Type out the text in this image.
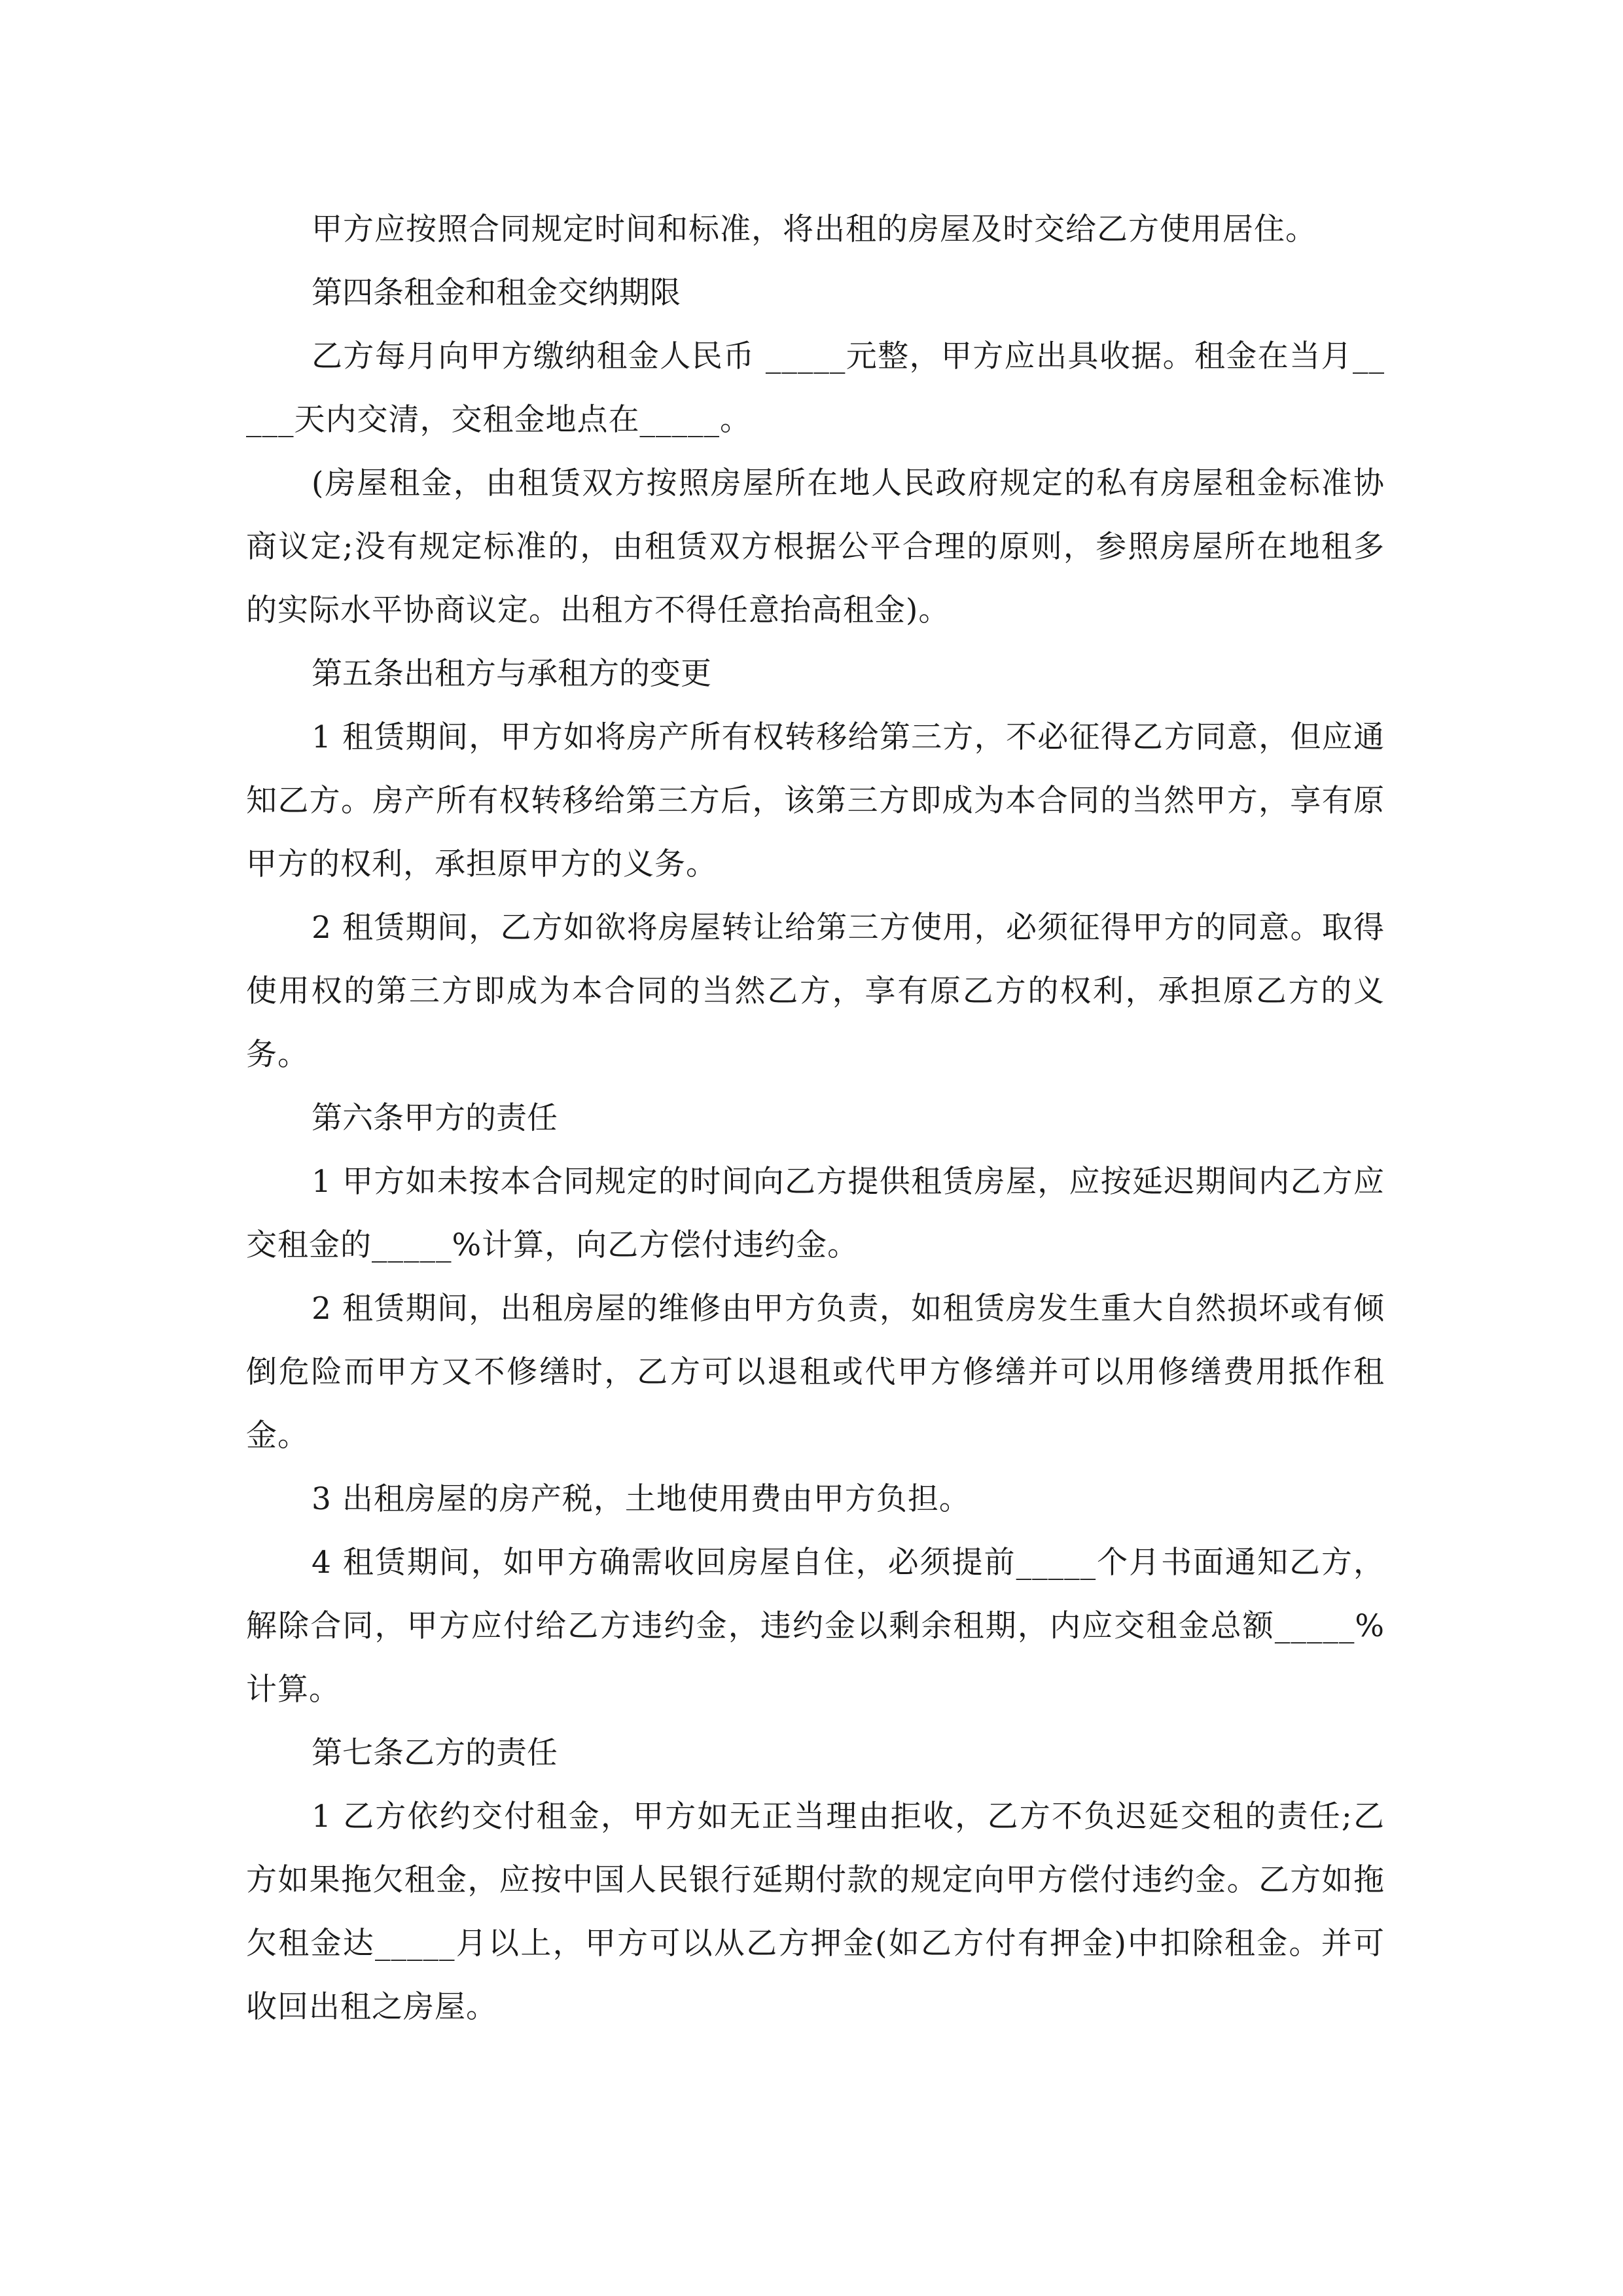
甲方应按照合同规定时间和标准，将出租的房屋及时交给乙方使用居住。

第四条租金和租金交纳期限

乙方每月向甲方缴纳租金人民币 _____元整，甲方应出具收据。租金在当月_____天内交清，交租金地点在_____。

(房屋租金，由租赁双方按照房屋所在地人民政府规定的私有房屋租金标准协商议定;没有规定标准的，由租赁双方根据公平合理的原则，参照房屋所在地租多的实际水平协商议定。出租方不得任意抬高租金)。

第五条出租方与承租方的变更

1 租赁期间，甲方如将房产所有权转移给第三方，不必征得乙方同意，但应通知乙方。房产所有权转移给第三方后，该第三方即成为本合同的当然甲方，享有原甲方的权利，承担原甲方的义务。

2 租赁期间，乙方如欲将房屋转让给第三方使用，必须征得甲方的同意。取得使用权的第三方即成为本合同的当然乙方，享有原乙方的权利，承担原乙方的义务。

第六条甲方的责任

1 甲方如未按本合同规定的时间向乙方提供租赁房屋，应按延迟期间内乙方应交租金的_____%计算，向乙方偿付违约金。

2 租赁期间，出租房屋的维修由甲方负责，如租赁房发生重大自然损坏或有倾倒危险而甲方又不修缮时，乙方可以退租或代甲方修缮并可以用修缮费用抵作租金。

3 出租房屋的房产税，土地使用费由甲方负担。

4 租赁期间，如甲方确需收回房屋自住，必须提前_____个月书面通知乙方，解除合同，甲方应付给乙方违约金，违约金以剩余租期，内应交租金总额_____%计算。

第七条乙方的责任

1 乙方依约交付租金，甲方如无正当理由拒收，乙方不负迟延交租的责任;乙方如果拖欠租金，应按中国人民银行延期付款的规定向甲方偿付违约金。乙方如拖欠租金达_____月以上，甲方可以从乙方押金(如乙方付有押金)中扣除租金。并可收回出租之房屋。
